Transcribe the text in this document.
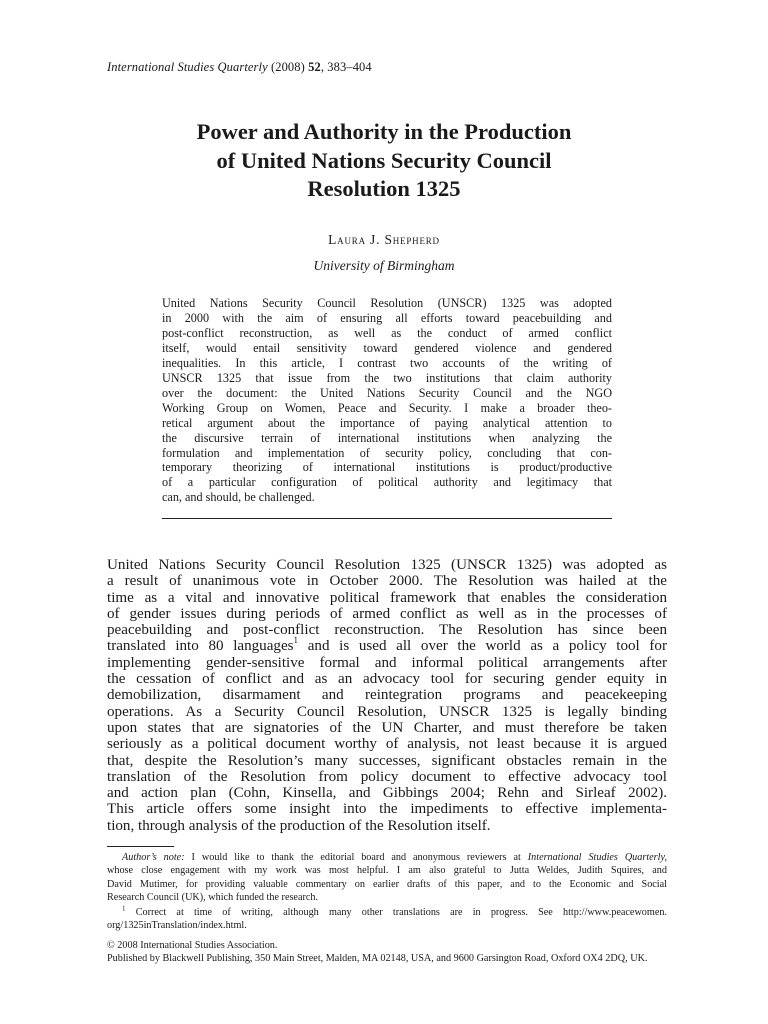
International Studies Quarterly (2008) 52, 383–404
Power and Authority in the Production
of United Nations Security Council
Resolution 1325
Laura J. Shepherd
University of Birmingham
United Nations Security Council Resolution (UNSCR) 1325 was adopted
in 2000 with the aim of ensuring all efforts toward peacebuilding and
post-conflict reconstruction, as well as the conduct of armed conflict
itself, would entail sensitivity toward gendered violence and gendered
inequalities. In this article, I contrast two accounts of the writing of
UNSCR 1325 that issue from the two institutions that claim authority
over the document: the United Nations Security Council and the NGO
Working Group on Women, Peace and Security. I make a broader theo-
retical argument about the importance of paying analytical attention to
the discursive terrain of international institutions when analyzing the
formulation and implementation of security policy, concluding that con-
temporary theorizing of international institutions is product/productive
of a particular configuration of political authority and legitimacy that
can, and should, be challenged.
United Nations Security Council Resolution 1325 (UNSCR 1325) was adopted as
a result of unanimous vote in October 2000. The Resolution was hailed at the
time as a vital and innovative political framework that enables the consideration
of gender issues during periods of armed conflict as well as in the processes of
peacebuilding and post-conflict reconstruction. The Resolution has since been
translated into 80 languages$^1$ and is used all over the world as a policy tool for
implementing gender-sensitive formal and informal political arrangements after
the cessation of conflict and as an advocacy tool for securing gender equity in
demobilization, disarmament and reintegration programs and peacekeeping
operations. As a Security Council Resolution, UNSCR 1325 is legally binding
upon states that are signatories of the UN Charter, and must therefore be taken
seriously as a political document worthy of analysis, not least because it is argued
that, despite the Resolution’s many successes, significant obstacles remain in the
translation of the Resolution from policy document to effective advocacy tool
and action plan (Cohn, Kinsella, and Gibbings 2004; Rehn and Sirleaf 2002).
This article offers some insight into the impediments to effective implementa-
tion, through analysis of the production of the Resolution itself.
Author’s note: I would like to thank the editorial board and anonymous reviewers at International Studies Quarterly,
whose close engagement with my work was most helpful. I am also grateful to Jutta Weldes, Judith Squires, and
David Mutimer, for providing valuable commentary on earlier drafts of this paper, and to the Economic and Social
Research Council (UK), which funded the research.
$^1$ Correct at time of writing, although many other translations are in progress. See http://www.peacewomen.
org/1325inTranslation/index.html.
© 2008 International Studies Association.
Published by Blackwell Publishing, 350 Main Street, Malden, MA 02148, USA, and 9600 Garsington Road, Oxford OX4 2DQ, UK.
